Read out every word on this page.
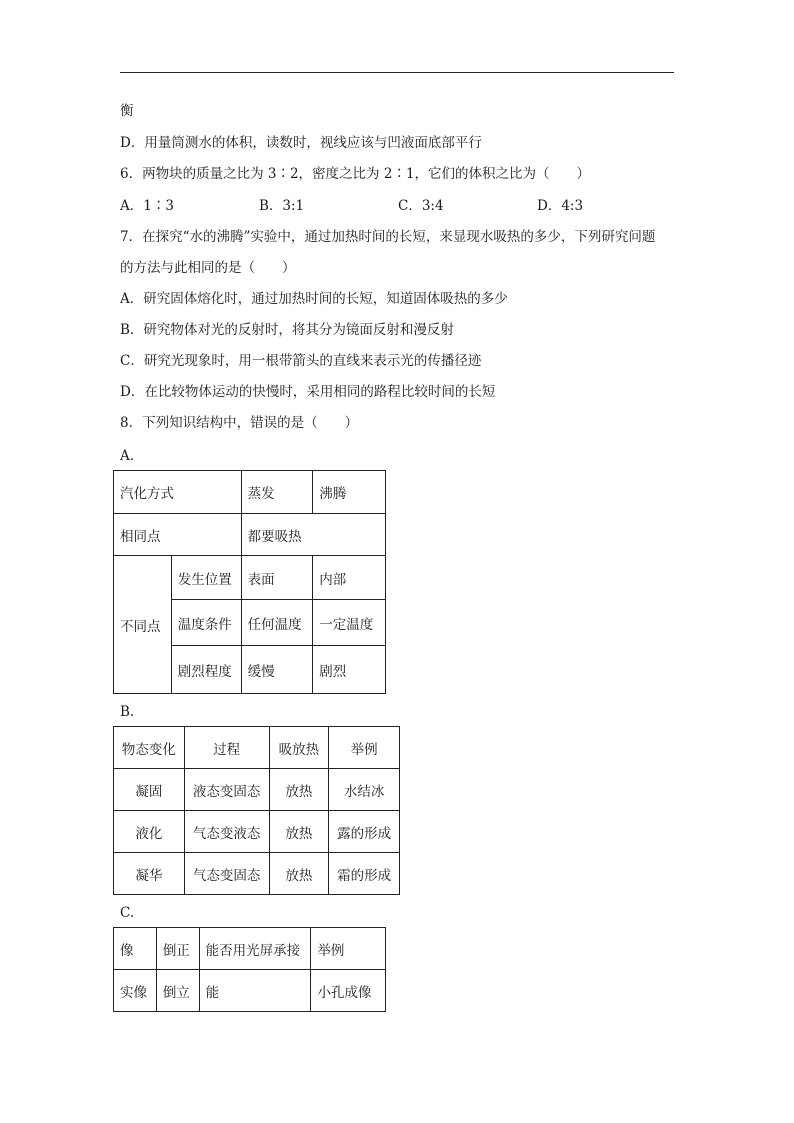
衡
D．用量筒测水的体积，读数时，视线应该与凹液面底部平行
6．两物块的质量之比为 3∶2，密度之比为 2∶1，它们的体积之比为（　　）
A．1∶3	B．3:1	C．3:4	D．4:3
7．在探究“水的沸腾”实验中，通过加热时间的长短，来显现水吸热的多少，下列研究问题
的方法与此相同的是（　　）
A．研究固体熔化时，通过加热时间的长短，知道固体吸热的多少
B．研究物体对光的反射时，将其分为镜面反射和漫反射
C．研究光现象时，用一根带箭头的直线来表示光的传播径迹
D．在比较物体运动的快慢时，采用相同的路程比较时间的长短
8．下列知识结构中，错误的是（　　）
A.
汽化方式		蒸发	沸腾
相同点		都要吸热	
不同点	发生位置	表面	内部
	温度条件	任何温度	一定温度
	剧烈程度	缓慢	剧烈
B.
物态变化	过程	吸放热	举例
凝固	液态变固态	放热	水结冰
液化	气态变液态	放热	露的形成
凝华	气态变固态	放热	霜的形成
C.
像	倒正	能否用光屏承接	举例
实像	倒立	能	小孔成像
